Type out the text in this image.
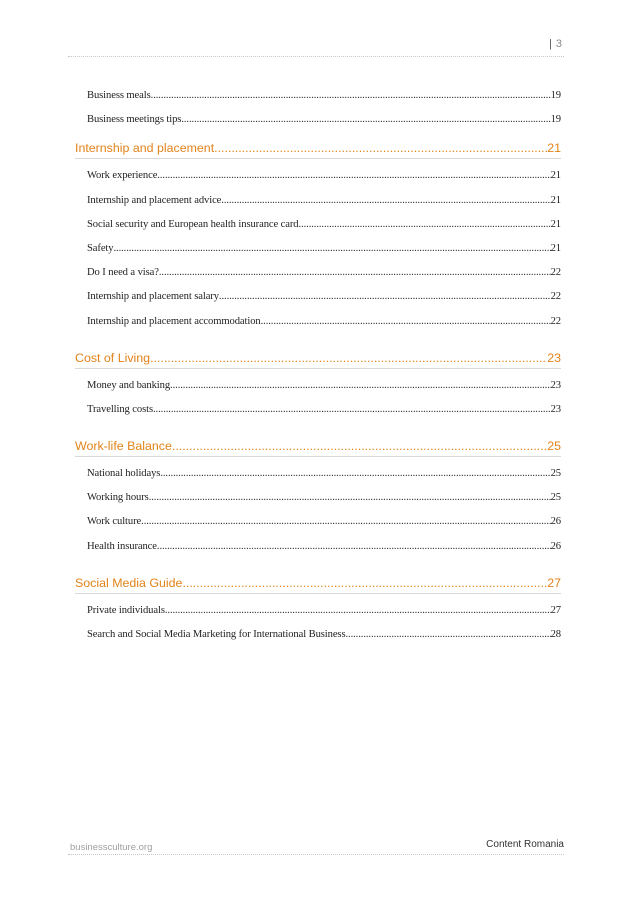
| 3
Business meals .....	19
Business meetings tips .....	19
Internship and placement .....	21
Work experience .....	21
Internship and placement advice .....	21
Social security and European health insurance card .....	21
Safety .....	21
Do I need a visa? .....	22
Internship and placement salary .....	22
Internship and placement accommodation .....	22
Cost of Living .....	23
Money and banking .....	23
Travelling costs .....	23
Work-life Balance .....	25
National holidays .....	25
Working hours .....	25
Work culture .....	26
Health insurance .....	26
Social Media Guide .....	27
Private individuals .....	27
Search and Social Media Marketing for International Business .....	28
businessculture.org	Content Romania
